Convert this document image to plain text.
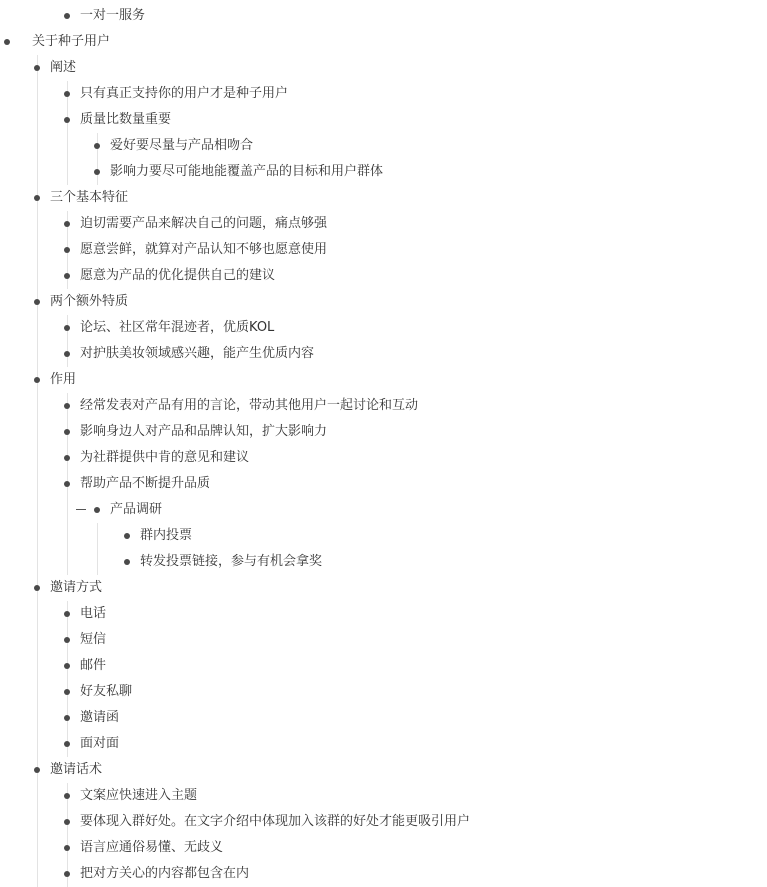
一对一服务
关于种子用户
阐述
只有真正支持你的用户才是种子用户
质量比数量重要
爱好要尽量与产品相吻合
影响力要尽可能地能覆盖产品的目标和用户群体
三个基本特征
迫切需要产品来解决自己的问题，痛点够强
愿意尝鲜，就算对产品认知不够也愿意使用
愿意为产品的优化提供自己的建议
两个额外特质
论坛、社区常年混迹者，优质KOL
对护肤美妆领域感兴趣，能产生优质内容
作用
经常发表对产品有用的言论，带动其他用户一起讨论和互动
影响身边人对产品和品牌认知，扩大影响力
为社群提供中肯的意见和建议
帮助产品不断提升品质
产品调研
群内投票
转发投票链接，参与有机会拿奖
邀请方式
电话
短信
邮件
好友私聊
邀请函
面对面
邀请话术
文案应快速进入主题
要体现入群好处。在文字介绍中体现加入该群的好处才能更吸引用户
语言应通俗易懂、无歧义
把对方关心的内容都包含在内
